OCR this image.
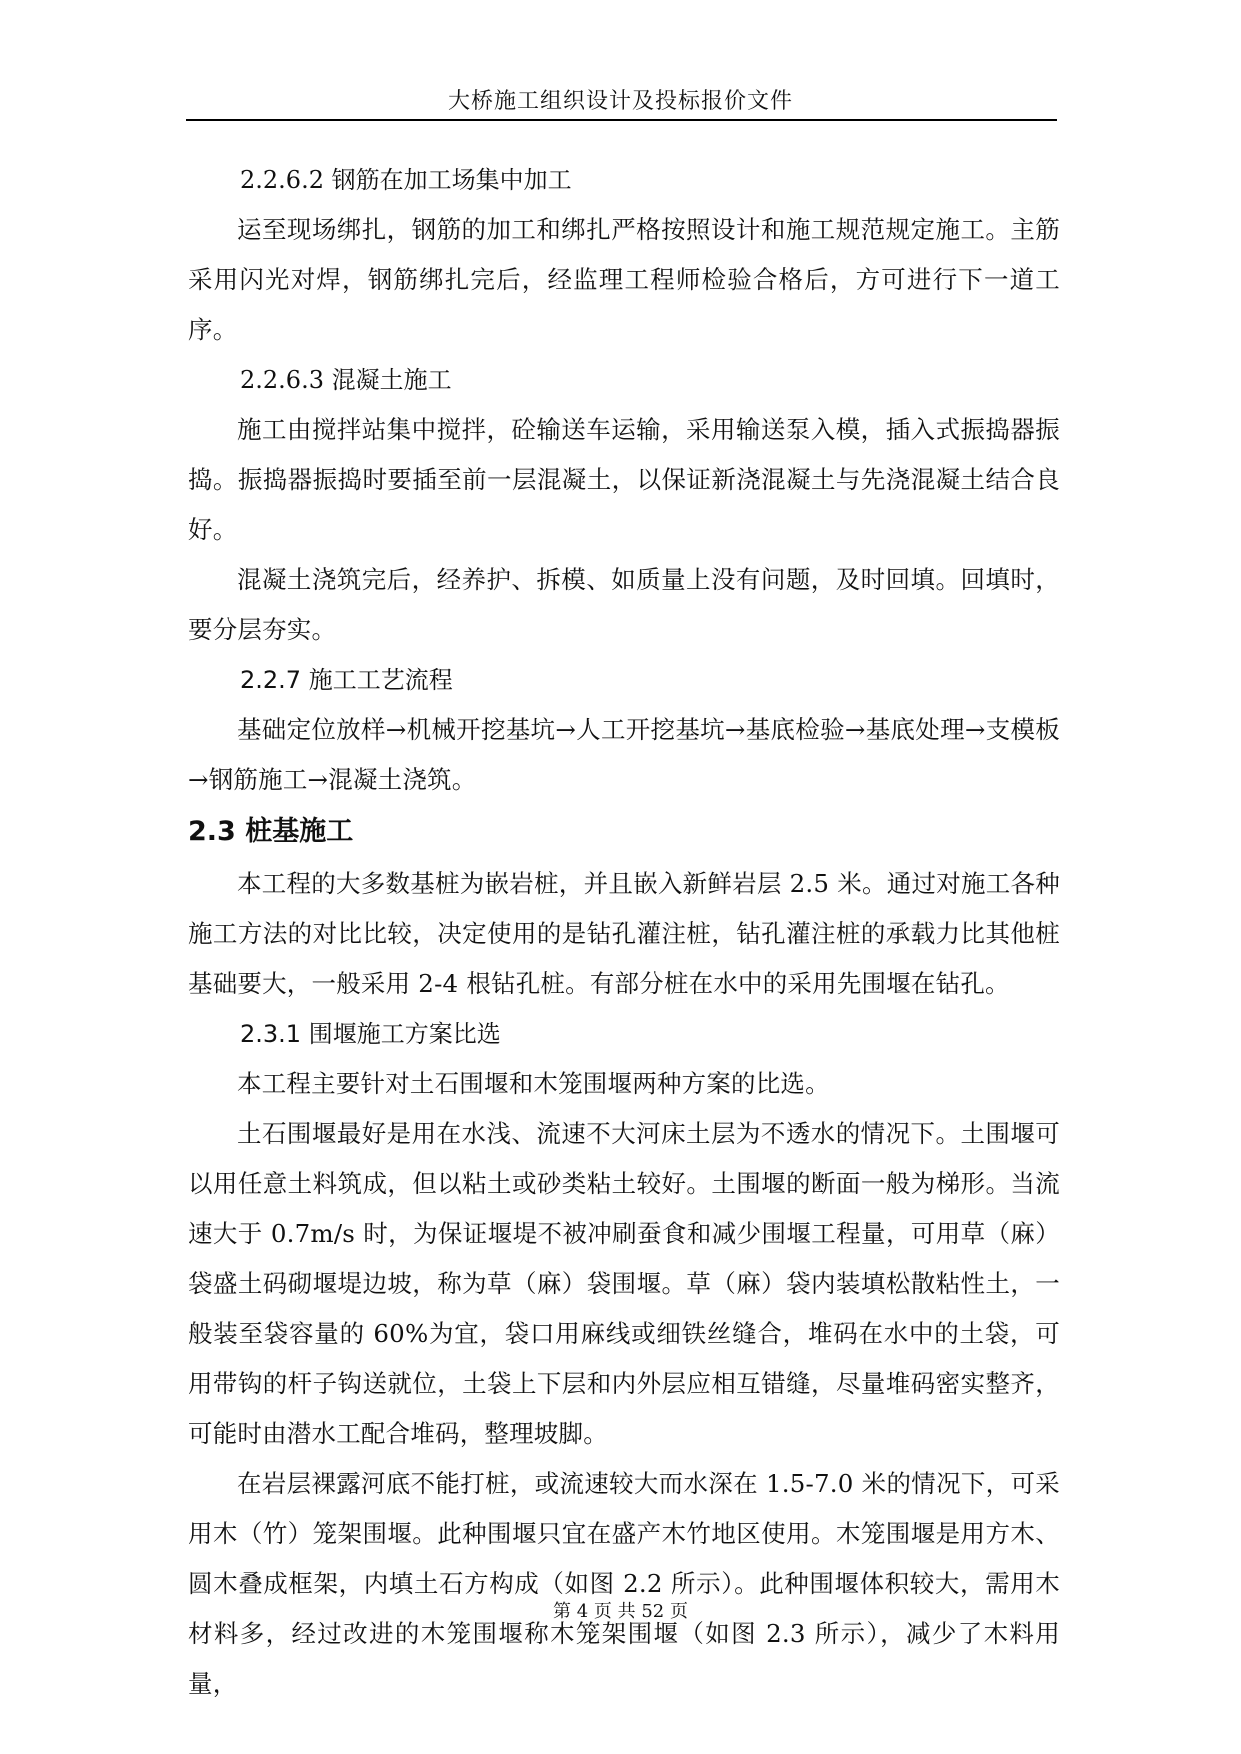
大桥施工组织设计及投标报价文件

2.2.6.2 钢筋在加工场集中加工

运至现场绑扎，钢筋的加工和绑扎严格按照设计和施工规范规定施工。主筋采用闪光对焊，钢筋绑扎完后，经监理工程师检验合格后，方可进行下一道工序。

2.2.6.3 混凝土施工

施工由搅拌站集中搅拌，砼输送车运输，采用输送泵入模，插入式振捣器振捣。振捣器振捣时要插至前一层混凝土，以保证新浇混凝土与先浇混凝土结合良好。

混凝土浇筑完后，经养护、拆模、如质量上没有问题，及时回填。回填时，要分层夯实。

2.2.7 施工工艺流程

基础定位放样→机械开挖基坑→人工开挖基坑→基底检验→基底处理→支模板→钢筋施工→混凝土浇筑。

2.3 桩基施工

本工程的大多数基桩为嵌岩桩，并且嵌入新鲜岩层 2.5 米。通过对施工各种施工方法的对比比较，决定使用的是钻孔灌注桩，钻孔灌注桩的承载力比其他桩基础要大，一般采用 2-4 根钻孔桩。有部分桩在水中的采用先围堰在钻孔。

2.3.1 围堰施工方案比选

本工程主要针对土石围堰和木笼围堰两种方案的比选。

土石围堰最好是用在水浅、流速不大河床土层为不透水的情况下。土围堰可以用任意土料筑成，但以粘土或砂类粘土较好。土围堰的断面一般为梯形。当流速大于 0.7m/s 时，为保证堰堤不被冲刷蚕食和减少围堰工程量，可用草（麻）袋盛土码砌堰堤边坡，称为草（麻）袋围堰。草（麻）袋内装填松散粘性土，一般装至袋容量的 60%为宜，袋口用麻线或细铁丝缝合，堆码在水中的土袋，可用带钩的杆子钩送就位，土袋上下层和内外层应相互错缝，尽量堆码密实整齐，可能时由潜水工配合堆码，整理坡脚。

在岩层裸露河底不能打桩，或流速较大而水深在 1.5-7.0 米的情况下，可采用木（竹）笼架围堰。此种围堰只宜在盛产木竹地区使用。木笼围堰是用方木、圆木叠成框架，内填土石方构成（如图 2.2 所示）。此种围堰体积较大，需用木材料多，经过改进的木笼围堰称木笼架围堰（如图 2.3 所示），减少了木料用量，

第 4 页 共 52 页
